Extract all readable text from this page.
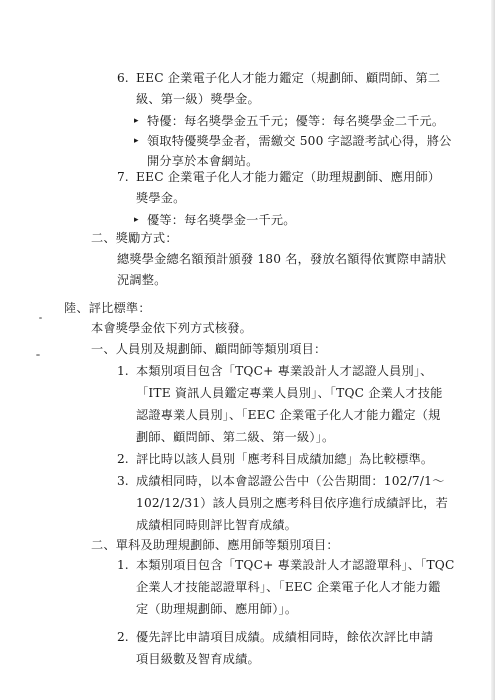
6. EEC 企業電子化人才能力鑑定（規劃師、顧問師、第二
級、第一級）獎學金。
▸ 特優：每名獎學金五千元；優等：每名獎學金二千元。
▸ 領取特優獎學金者，需繳交 500 字認證考試心得，將公
開分享於本會網站。
7. EEC 企業電子化人才能力鑑定（助理規劃師、應用師）
獎學金。
▸ 優等：每名獎學金一千元。
二、獎勵方式：
總獎學金總名額預計頒發 180 名，發放名額得依實際申請狀
況調整。
陸、評比標準：
本會獎學金依下列方式核發。
一、人員別及規劃師、顧問師等類別項目：
1. 本類別項目包含「TQC+ 專業設計人才認證人員別」、
「ITE 資訊人員鑑定專業人員別」、「TQC 企業人才技能
認證專業人員別」、「EEC 企業電子化人才能力鑑定（規
劃師、顧問師、第二級、第一級）」。
2. 評比時以該人員別「應考科目成績加總」為比較標準。
3. 成績相同時，以本會認證公告中（公告期間：102/7/1～
102/12/31）該人員別之應考科目依序進行成績評比，若
成績相同時則評比智育成績。
二、單科及助理規劃師、應用師等類別項目：
1. 本類別項目包含「TQC+ 專業設計人才認證單科」、「TQC
企業人才技能認證單科」、「EEC 企業電子化人才能力鑑
定（助理規劃師、應用師）」。
2. 優先評比申請項目成績。成績相同時，餘依次評比申請
項目級數及智育成績。
